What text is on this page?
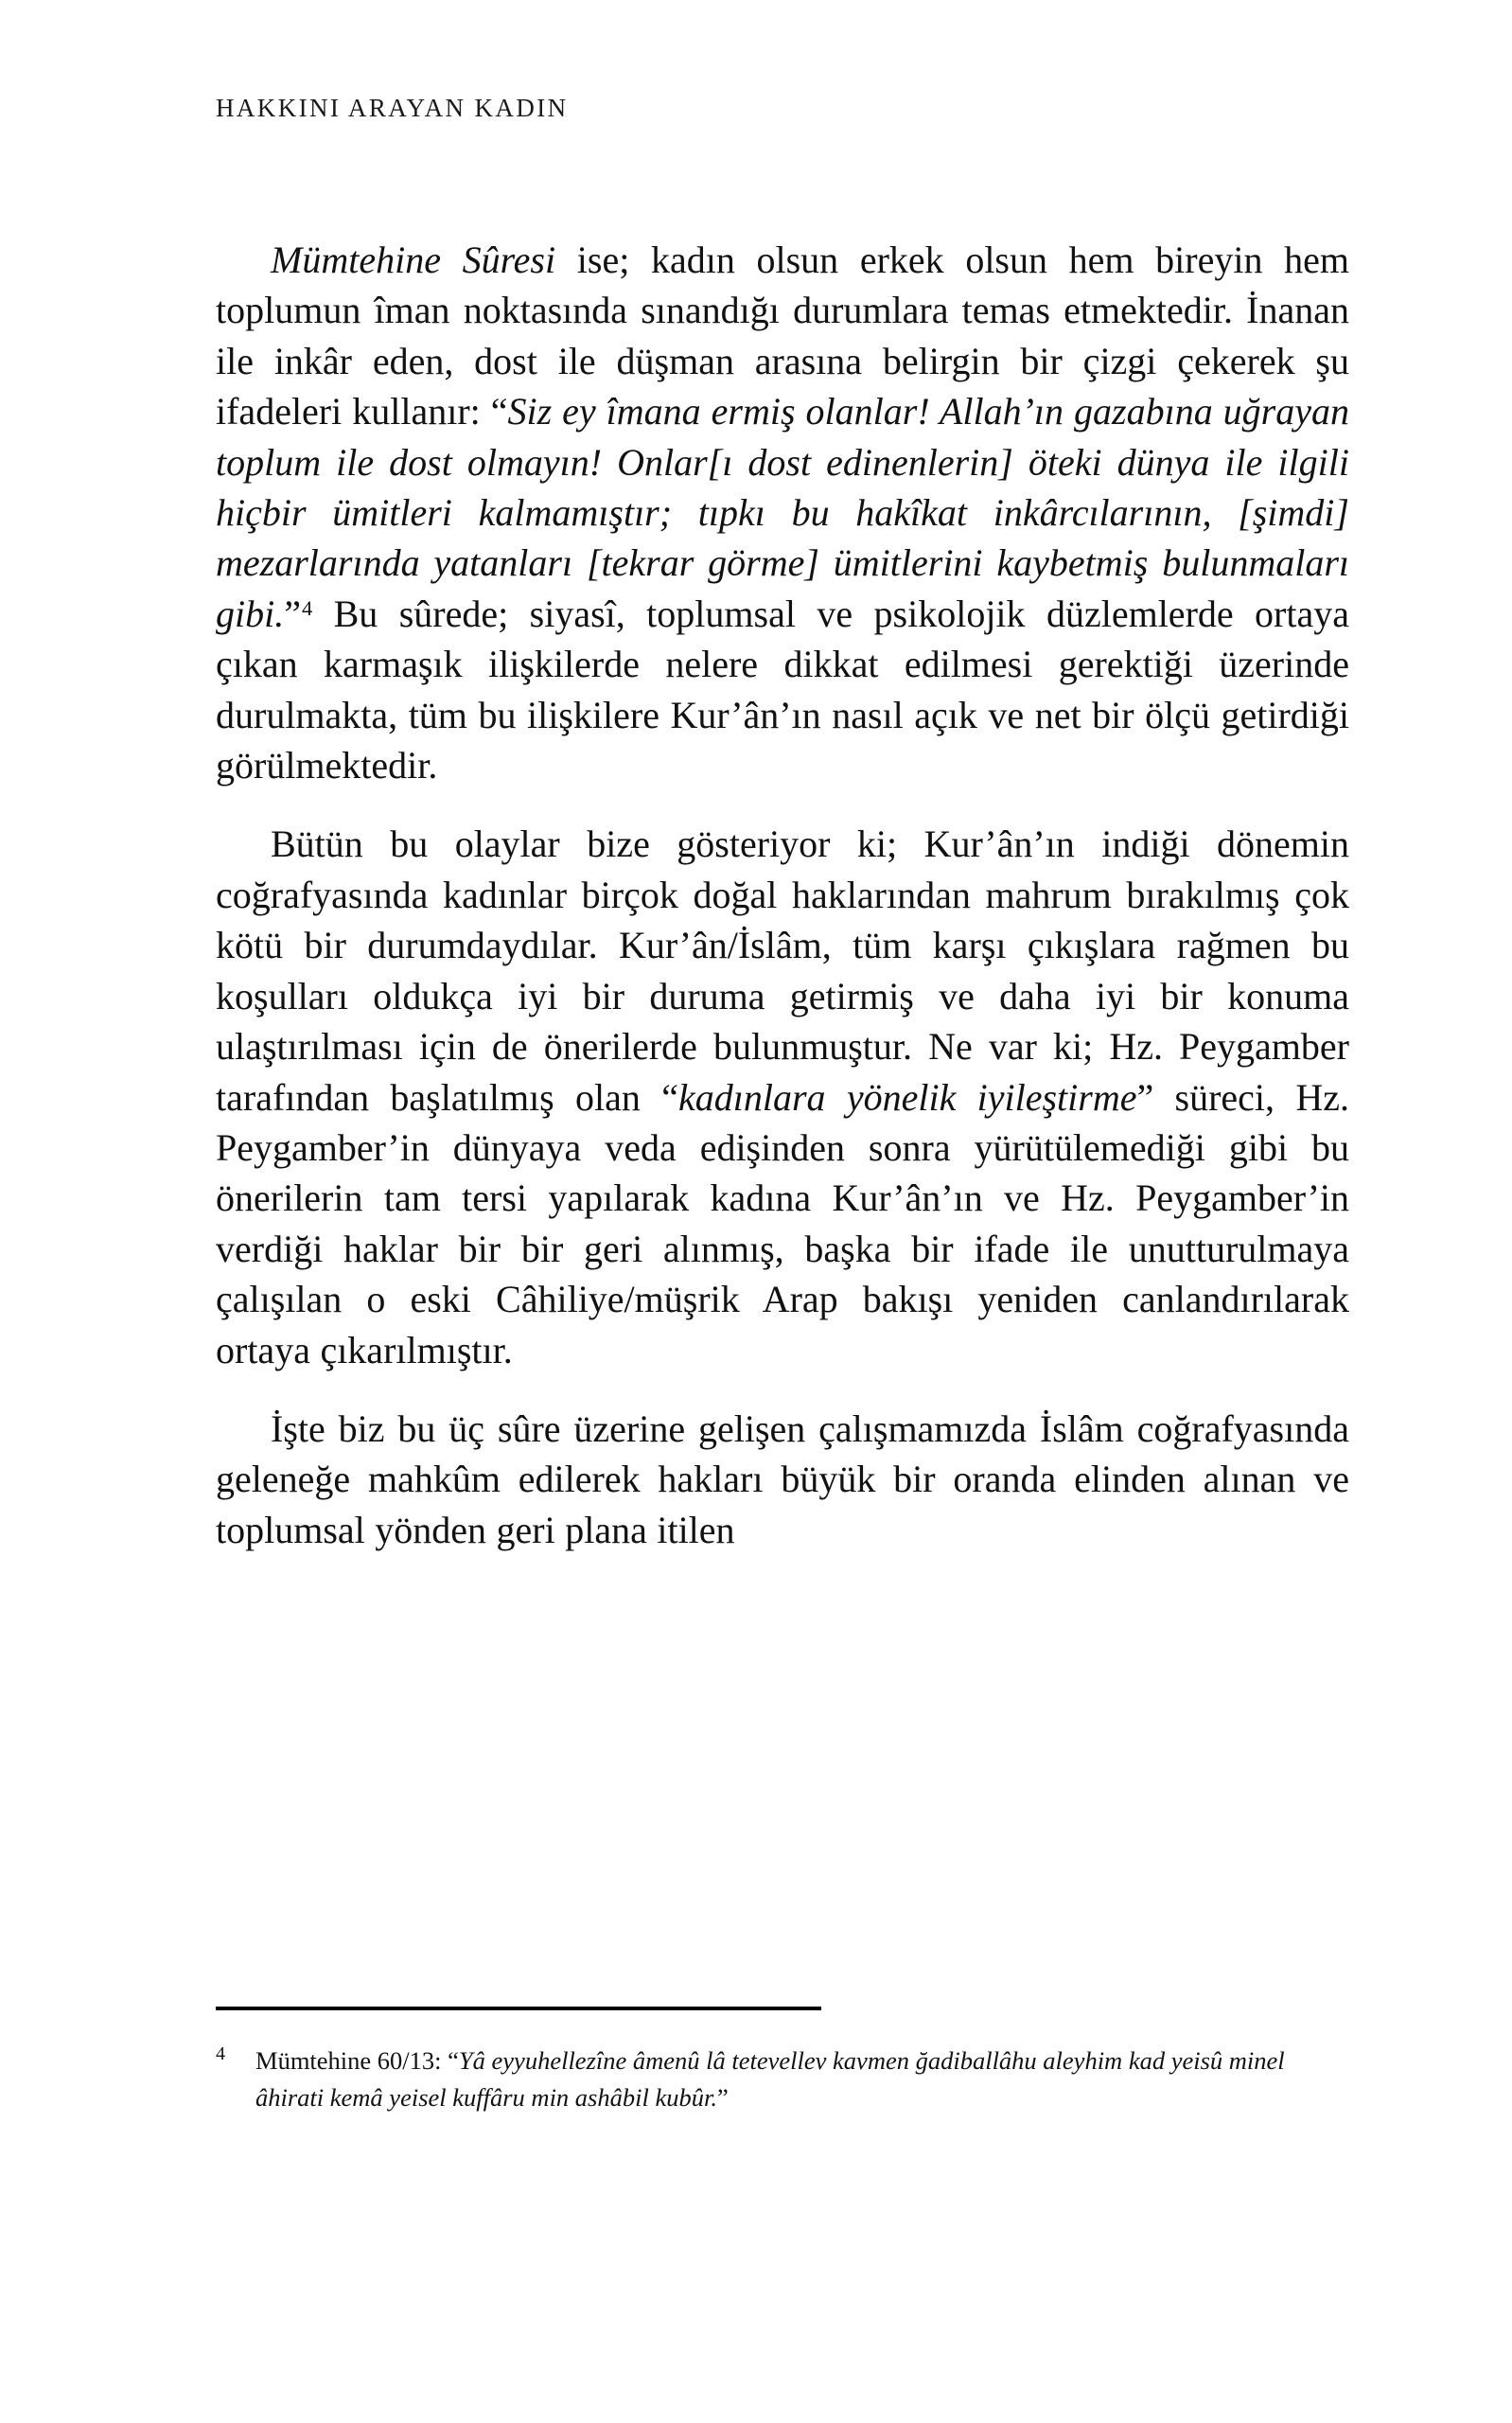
HAKKINI ARAYAN KADIN

Mümtehine Sûresi ise; kadın olsun erkek olsun hem bireyin hem toplumun îman noktasında sınandığı durumlara temas etmektedir. İnanan ile inkâr eden, dost ile düşman arasına belirgin bir çizgi çekerek şu ifadeleri kullanır: “Siz ey îmana ermiş olanlar! Allah’ın gazabına uğrayan toplum ile dost olmayın! Onlar[ı dost edinenlerin] öteki dünya ile ilgili hiçbir ümitleri kalmamıştır; tıpkı bu hakîkat inkârcılarının, [şimdi] mezarlarında yatanları [tekrar görme] ümitlerini kaybetmiş bulunmaları gibi.”$^4$ Bu sûrede; siyasî, toplumsal ve psikolojik düzlemlerde ortaya çıkan karmaşık ilişkilerde nelere dikkat edilmesi gerektiği üzerinde durulmakta, tüm bu ilişkilere Kur’ân’ın nasıl açık ve net bir ölçü getirdiği görülmektedir.

Bütün bu olaylar bize gösteriyor ki; Kur’ân’ın indiği dönemin coğrafyasında kadınlar birçok doğal haklarından mahrum bırakılmış çok kötü bir durumdaydılar. Kur’ân/İslâm, tüm karşı çıkışlara rağmen bu koşulları oldukça iyi bir duruma getirmiş ve daha iyi bir konuma ulaştırılması için de önerilerde bulunmuştur. Ne var ki; Hz. Peygamber tarafından başlatılmış olan “kadınlara yönelik iyileştirme” süreci, Hz. Peygamber’in dünyaya veda edişinden sonra yürütülemediği gibi bu önerilerin tam tersi yapılarak kadına Kur’ân’ın ve Hz. Peygamber’in verdiği haklar bir bir geri alınmış, başka bir ifade ile unutturulmaya çalışılan o eski Câhiliye/müşrik Arap bakışı yeniden canlandırılarak ortaya çıkarılmıştır.

İşte biz bu üç sûre üzerine gelişen çalışmamızda İslâm coğrafyasında geleneğe mahkûm edilerek hakları büyük bir oranda elinden alınan ve toplumsal yönden geri plana itilen

4 Mümtehine 60/13: “Yâ eyyuhellezîne âmenû lâ tetevellev kavmen ğadiballâhu aleyhim kad yeisû minel âhirati kemâ yeisel kuffâru min ashâbil kubûr.”
